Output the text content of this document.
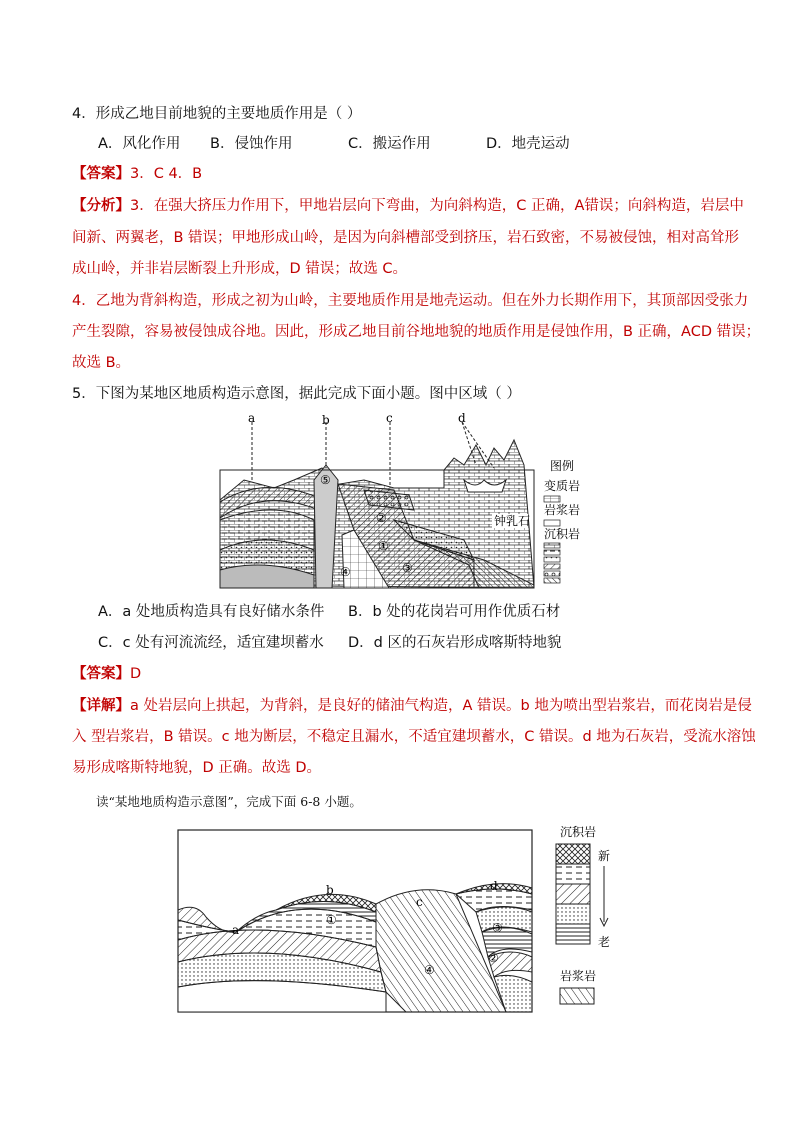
4．形成乙地目前地貌的主要地质作用是（ ）
A．风化作用 B．侵蚀作用	C．搬运作用	D．地壳运动
【答案】3．C 4．B
【分析】3．在强大挤压力作用下，甲地岩层向下弯曲，为向斜构造，C 正确，A错误；向斜构造，岩层中
间新、两翼老，B 错误；甲地形成山岭，是因为向斜槽部受到挤压，岩石致密，不易被侵蚀，相对高耸形
成山岭，并非岩层断裂上升形成，D 错误；故选 C。
4．乙地为背斜构造，形成之初为山岭，主要地质作用是地壳运动。但在外力长期作用下，其顶部因受张力
产生裂隙，容易被侵蚀成谷地。因此，形成乙地目前谷地地貌的地质作用是侵蚀作用，B 正确，ACD 错误；
故选 B。
5．下图为某地区地质构造示意图，据此完成下面小题。图中区域（ ）
a	b	c	d
①
②
③
④
⑤
钟乳石
图例
变质岩
岩浆岩
沉积岩
A．a 处地质构造具有良好储水条件 B．b 处的花岗岩可用作优质石材
C．c 处有河流流经，适宜建坝蓄水 D．d 区的石灰岩形成喀斯特地貌
【答案】D
【详解】a 处岩层向上拱起，为背斜，是良好的储油气构造，A 错误。b 地为喷出型岩浆岩，而花岗岩是侵
入 型岩浆岩，B 错误。c 地为断层，不稳定且漏水，不适宜建坝蓄水，C 错误。d 地为石灰岩，受流水溶蚀
易形成喀斯特地貌，D 正确。故选 D。
读“某地地质构造示意图”，完成下面 6-8 小题。
a
b
c
d
①
②
③
④
沉积岩
新
老
岩浆岩
